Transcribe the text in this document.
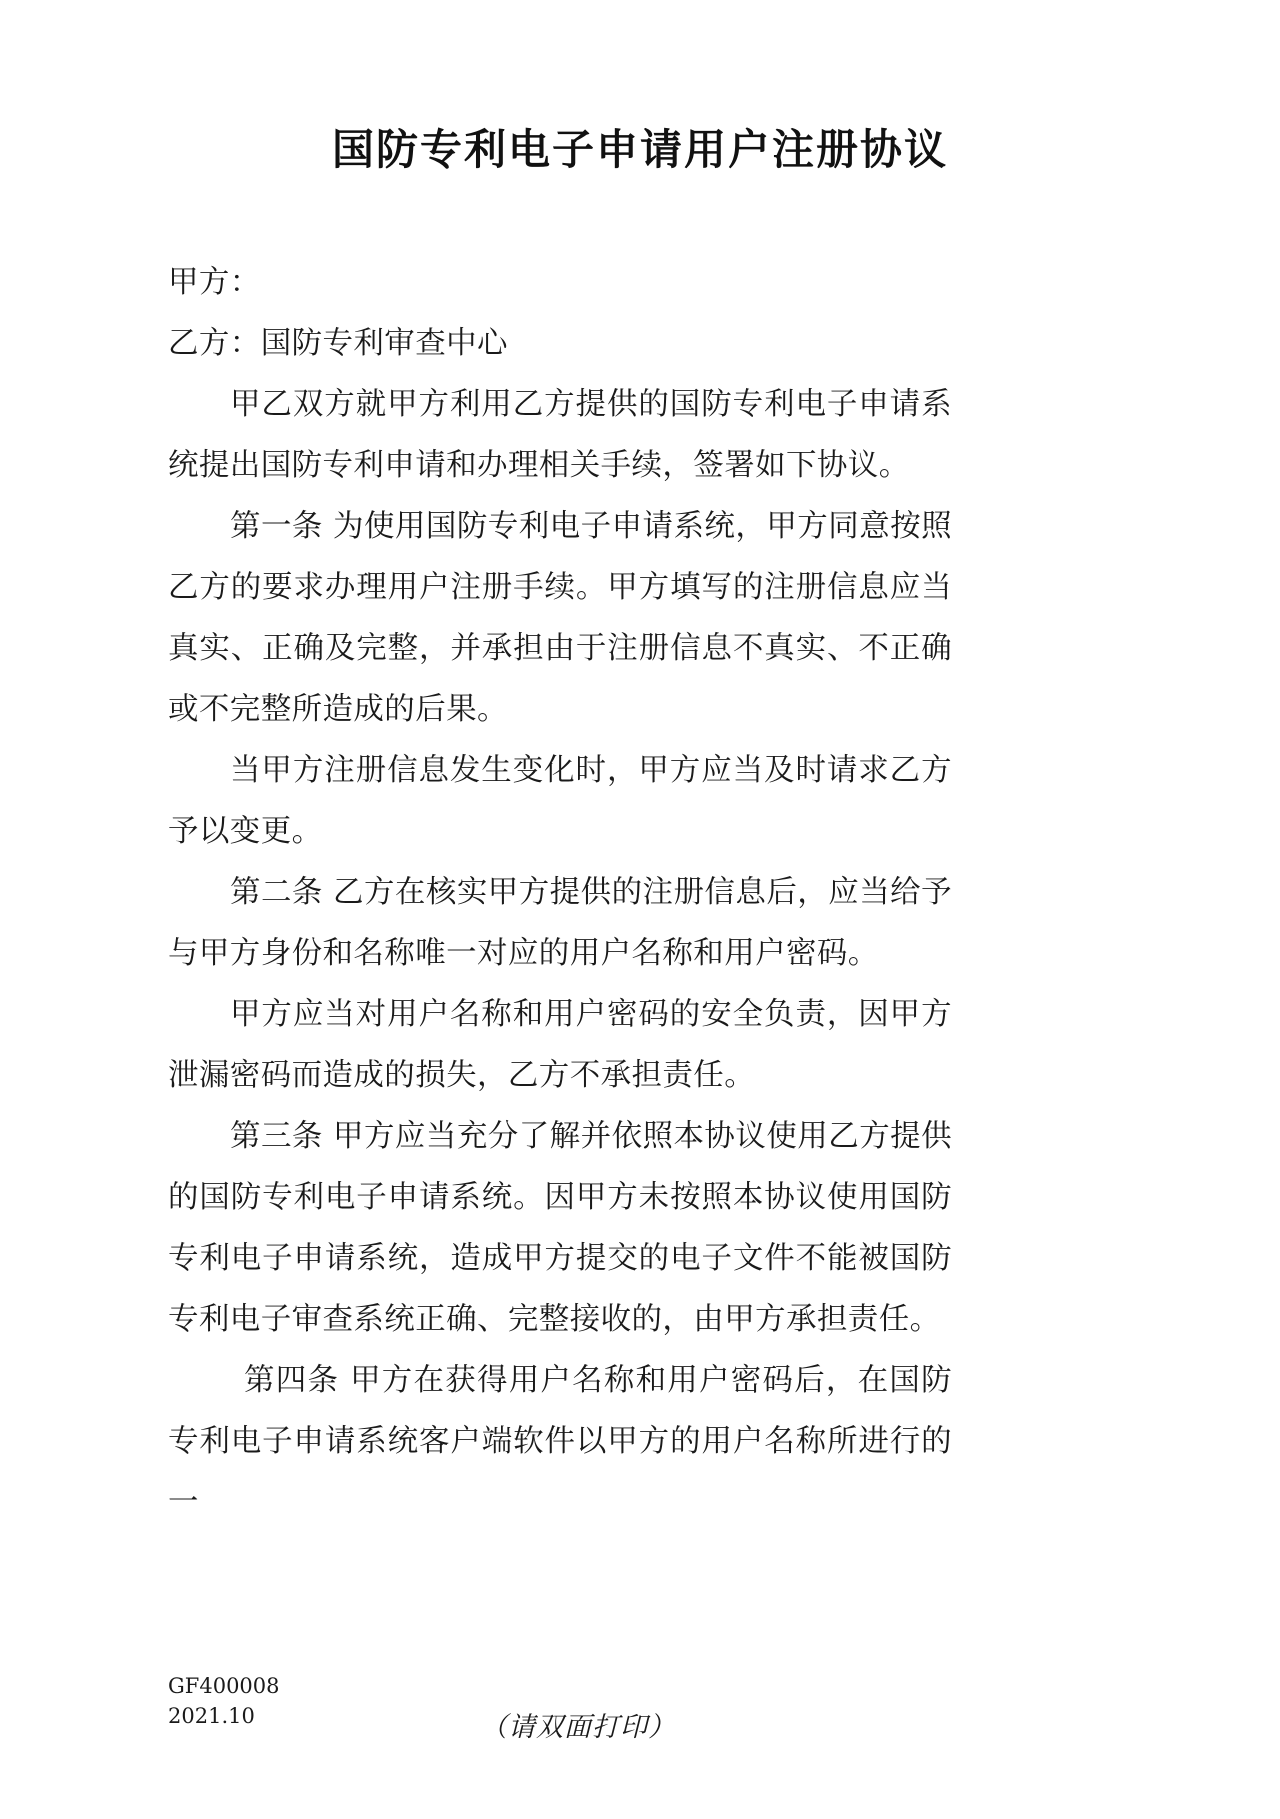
国防专利电子申请用户注册协议

甲方：

乙方：国防专利审查中心

甲乙双方就甲方利用乙方提供的国防专利电子申请系统提出国防专利申请和办理相关手续，签署如下协议。

第一条 为使用国防专利电子申请系统，甲方同意按照乙方的要求办理用户注册手续。甲方填写的注册信息应当真实、正确及完整，并承担由于注册信息不真实、不正确或不完整所造成的后果。

当甲方注册信息发生变化时，甲方应当及时请求乙方予以变更。

第二条 乙方在核实甲方提供的注册信息后，应当给予与甲方身份和名称唯一对应的用户名称和用户密码。

甲方应当对用户名称和用户密码的安全负责，因甲方泄漏密码而造成的损失，乙方不承担责任。

第三条 甲方应当充分了解并依照本协议使用乙方提供的国防专利电子申请系统。因甲方未按照本协议使用国防专利电子申请系统，造成甲方提交的电子文件不能被国防专利电子审查系统正确、完整接收的，由甲方承担责任。

第四条 甲方在获得用户名称和用户密码后，在国防专利电子申请系统客户端软件以甲方的用户名称所进行的一

GF400008
2021.10	（请双面打印）
